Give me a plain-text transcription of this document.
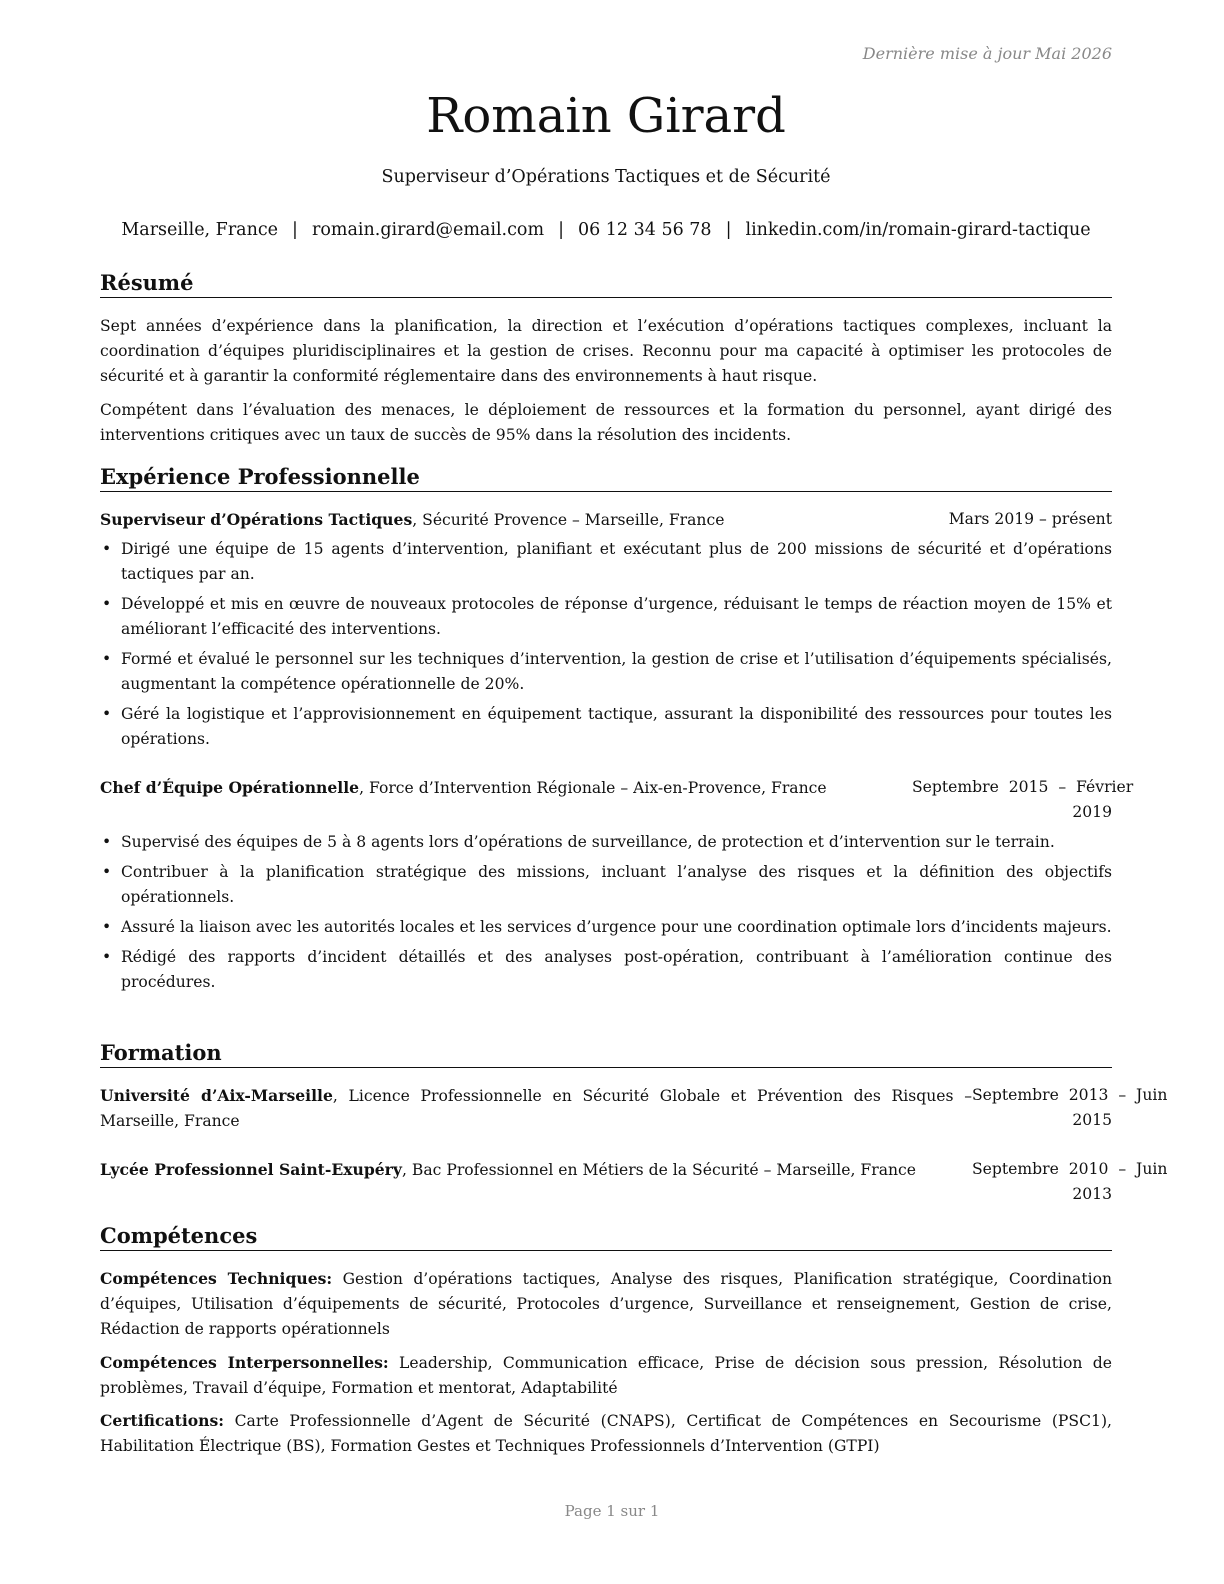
Dernière mise à jour Mai 2026
Romain Girard
Superviseur d’Opérations Tactiques et de Sécurité
Marseille, France | romain.girard@email.com | 06 12 34 56 78 | linkedin.com/in/romain-girard-tactique
Résumé
Sept années d’expérience dans la planification, la direction et l’exécution d’opérations tactiques complexes, incluant la coordination d’équipes pluridisciplinaires et la gestion de crises. Reconnu pour ma capacité à optimiser les protocoles de sécurité et à garantir la conformité réglementaire dans des environnements à haut risque.
Compétent dans l’évaluation des menaces, le déploiement de ressources et la formation du personnel, ayant dirigé des interventions critiques avec un taux de succès de 95% dans la résolution des incidents.
Expérience Professionnelle
Superviseur d’Opérations Tactiques, Sécurité Provence – Marseille, France	Mars 2019 – présent
• Dirigé une équipe de 15 agents d’intervention, planifiant et exécutant plus de 200 missions de sécurité et d’opérations tactiques par an.
• Développé et mis en œuvre de nouveaux protocoles de réponse d’urgence, réduisant le temps de réaction moyen de 15% et améliorant l’efficacité des interventions.
• Formé et évalué le personnel sur les techniques d’intervention, la gestion de crise et l’utilisation d’équipements spécialisés, augmentant la compétence opérationnelle de 20%.
• Géré la logistique et l’approvisionnement en équipement tactique, assurant la disponibilité des ressources pour toutes les opérations.
Chef d’Équipe Opérationnelle, Force d’Intervention Régionale – Aix-en-Provence, France	Septembre  2015  –  Février
2019
• Supervisé des équipes de 5 à 8 agents lors d’opérations de surveillance, de protection et d’intervention sur le terrain.
• Contribuer à la planification stratégique des missions, incluant l’analyse des risques et la définition des objectifs opérationnels.
• Assuré la liaison avec les autorités locales et les services d’urgence pour une coordination optimale lors d’incidents majeurs.
• Rédigé des rapports d’incident détaillés et des analyses post-opération, contribuant à l’amélioration continue des procédures.
Formation
Université d’Aix-Marseille, Licence Professionnelle en Sécurité Globale et Prévention des Risques – Marseille, France
Septembre  2013  –  Juin
2015
Lycée Professionnel Saint-Exupéry, Bac Professionnel en Métiers de la Sécurité – Marseille, France	Septembre  2010  –  Juin
2013
Compétences
Compétences Techniques: Gestion d’opérations tactiques, Analyse des risques, Planification stratégique, Coordination d’équipes, Utilisation d’équipements de sécurité, Protocoles d’urgence, Surveillance et renseignement, Gestion de crise, Rédaction de rapports opérationnels
Compétences Interpersonnelles: Leadership, Communication efficace, Prise de décision sous pression, Résolution de problèmes, Travail d’équipe, Formation et mentorat, Adaptabilité
Certifications: Carte Professionnelle d’Agent de Sécurité (CNAPS), Certificat de Compétences en Secourisme (PSC1), Habilitation Électrique (BS), Formation Gestes et Techniques Professionnels d’Intervention (GTPI)
Page 1 sur 1
